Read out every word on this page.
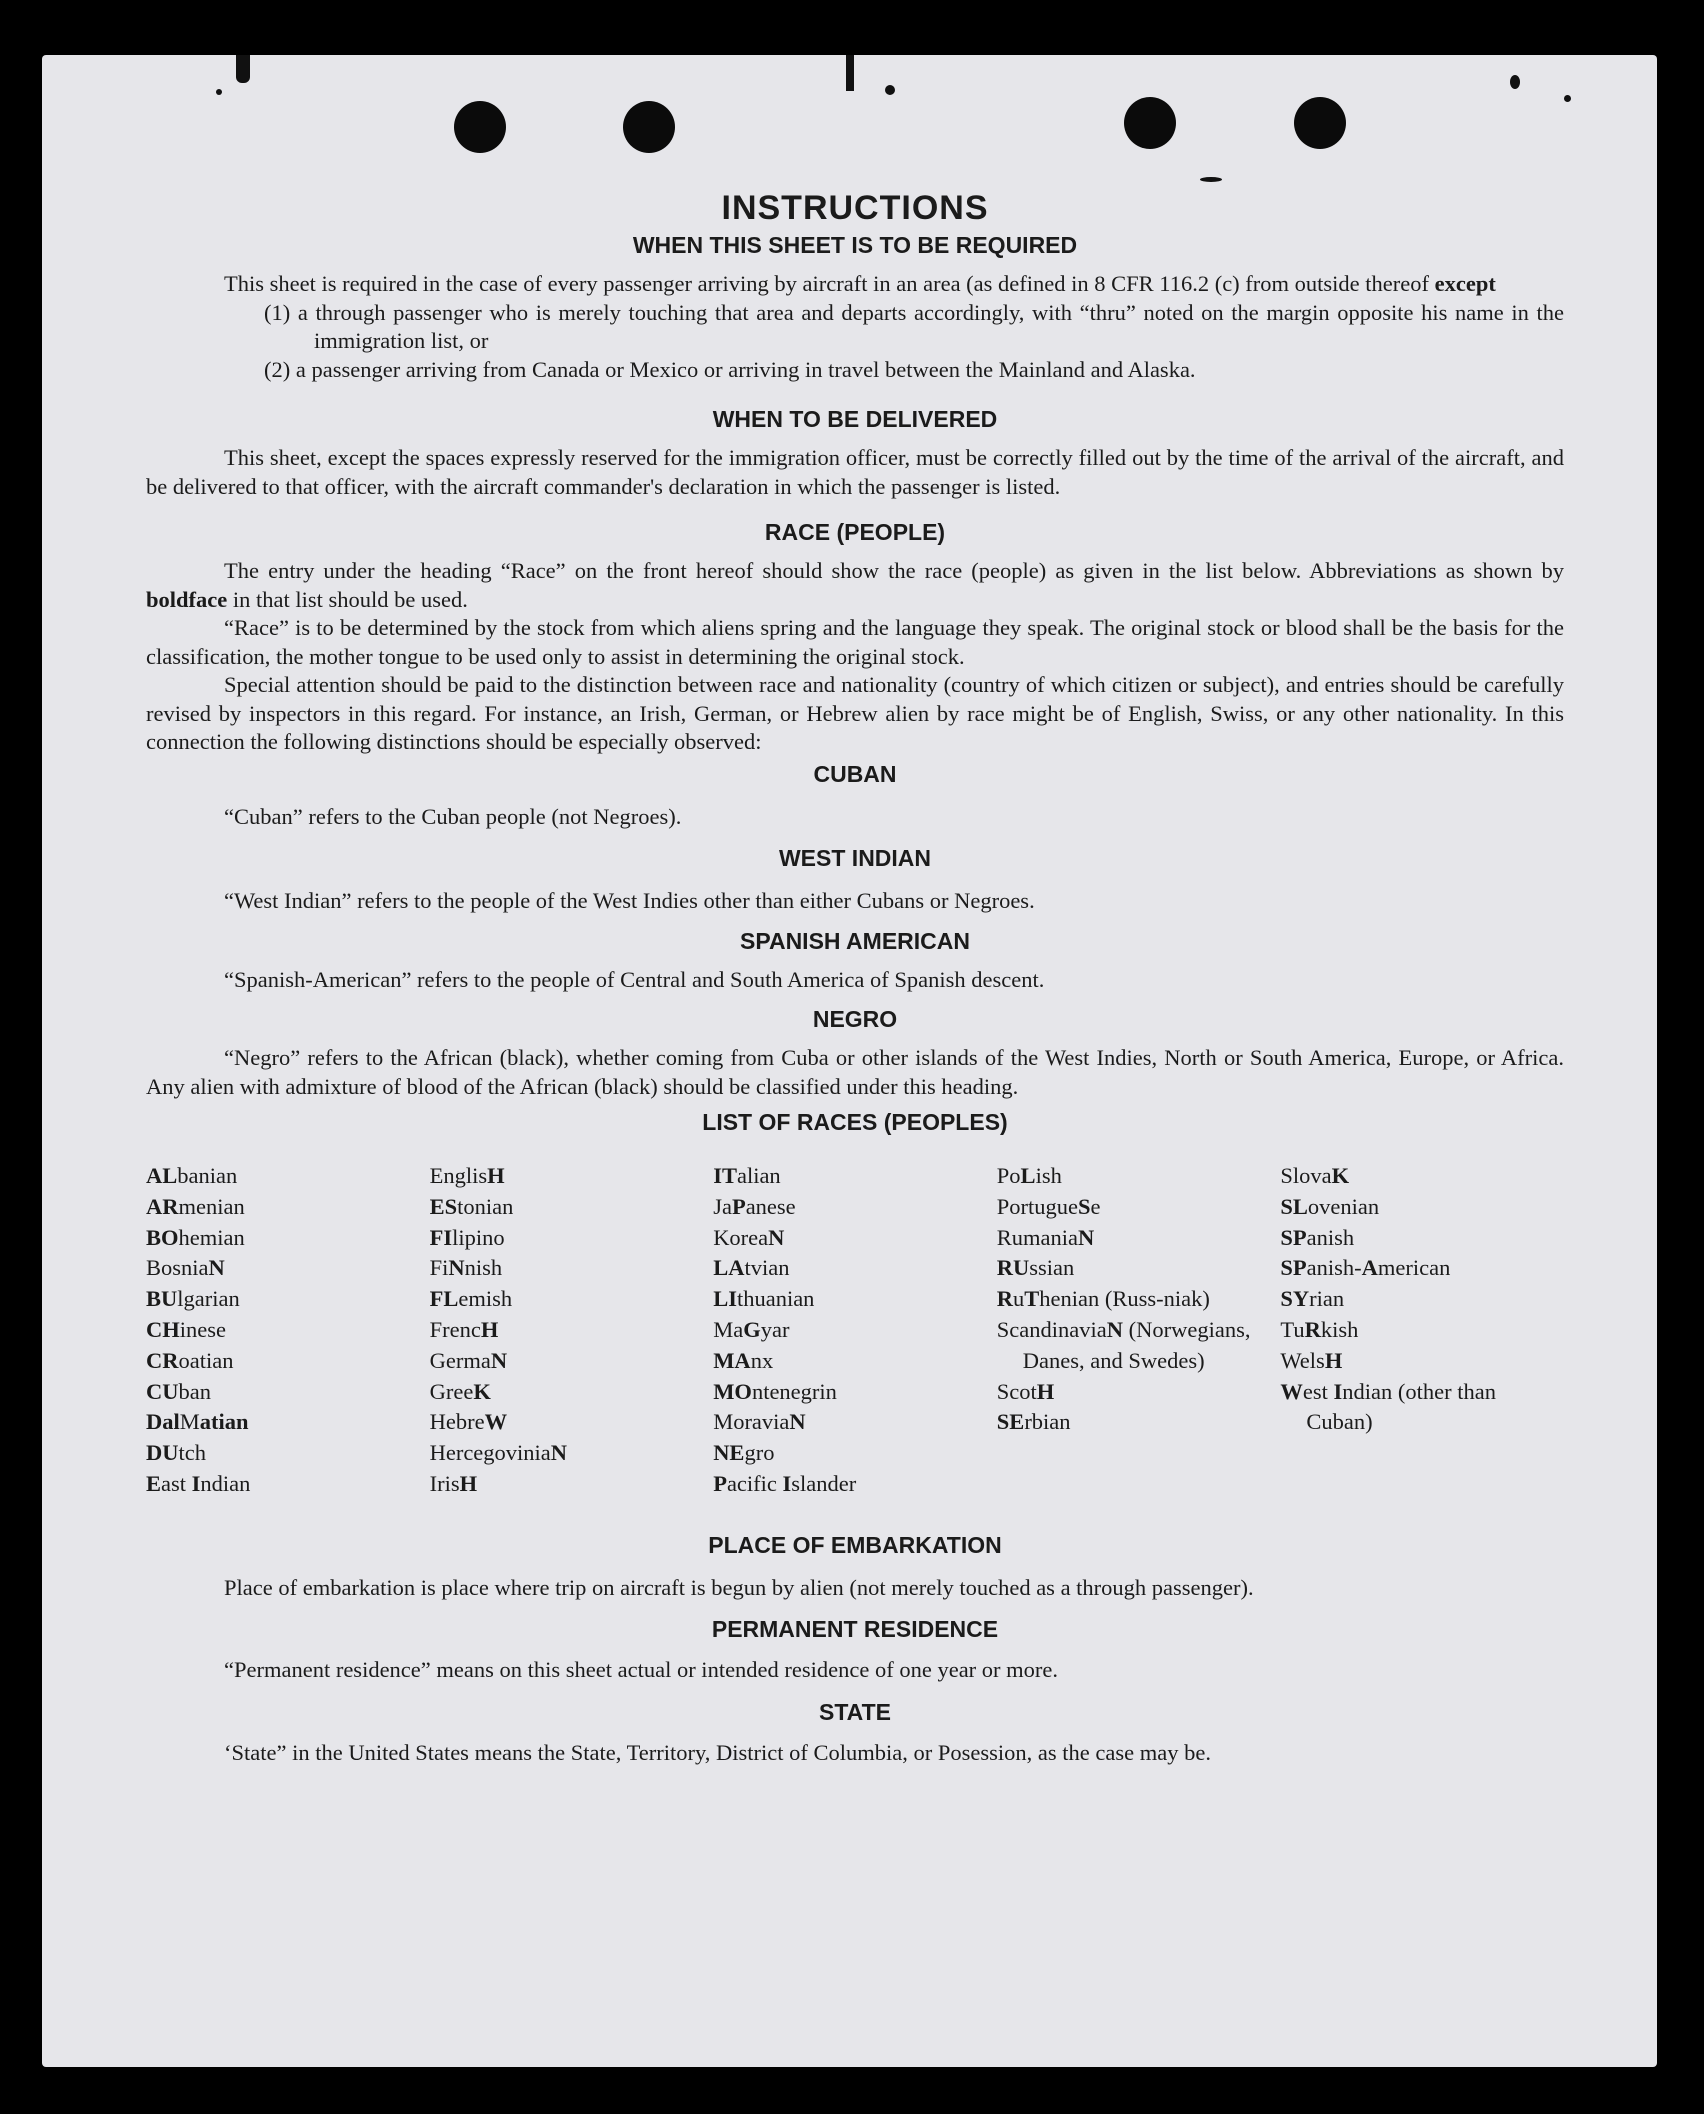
INSTRUCTIONS
WHEN THIS SHEET IS TO BE REQUIRED

This sheet is required in the case of every passenger arriving by aircraft in an area (as defined in 8 CFR 116.2 (c) from outside thereof except

(1) a through passenger who is merely touching that area and departs accordingly, with “thru” noted on the margin opposite his name in the immigration list, or
(2) a passenger arriving from Canada or Mexico or arriving in travel between the Mainland and Alaska.
WHEN TO BE DELIVERED

This sheet, except the spaces expressly reserved for the immigration officer, must be correctly filled out by the time of the arrival of the aircraft, and be delivered to that officer, with the aircraft commander's declaration in which the passenger is listed.

RACE (PEOPLE)

The entry under the heading “Race” on the front hereof should show the race (people) as given in the list below. Abbreviations as shown by boldface in that list should be used.

“Race” is to be determined by the stock from which aliens spring and the language they speak. The original stock or blood shall be the basis for the classification, the mother tongue to be used only to assist in determining the original stock.

Special attention should be paid to the distinction between race and nationality (country of which citizen or subject), and entries should be carefully revised by inspectors in this regard. For instance, an Irish, German, or Hebrew alien by race might be of English, Swiss, or any other nationality. In this connection the following distinctions should be especially observed:

CUBAN

“Cuban” refers to the Cuban people (not Negroes).

WEST INDIAN

“West Indian” refers to the people of the West Indies other than either Cubans or Negroes.

SPANISH AMERICAN

“Spanish-American” refers to the people of Central and South America of Spanish descent.

NEGRO

“Negro” refers to the African (black), whether coming from Cuba or other islands of the West Indies, North or South America, Europe, or Africa. Any alien with admixture of blood of the African (black) should be classified under this heading.

LIST OF RACES (PEOPLES)
ALbanian
ARmenian
BOhemian
BosniaN
BUlgarian
CHinese
CRoatian
CUban
DalMatian
DUtch
East Indian
EnglisH
EStonian
FIlipino
FiNnish
FLemish
FrencH
GermaN
GreeK
HebreW
HercegoviniaN
IrisH
ITalian
JaPanese
KoreaN
LAtvian
LIthuanian
MaGyar
MAnx
MOntenegrin
MoraviaN
NEgro
Pacific Islander
PoLish
PortugueSe
RumaniaN
RUssian
RuThenian (Russ-niak)
ScandinaviaN (Norwegians, Danes, and Swedes)
ScotH
SErbian
SlovaK
SLovenian
SPanish
SPanish-American
SYrian
TuRkish
WelsH
West Indian (other than Cuban)
PLACE OF EMBARKATION

Place of embarkation is place where trip on aircraft is begun by alien (not merely touched as a through passenger).

PERMANENT RESIDENCE

“Permanent residence” means on this sheet actual or intended residence of one year or more.

STATE

‘State” in the United States means the State, Territory, District of Columbia, or Posession, as the case may be.
